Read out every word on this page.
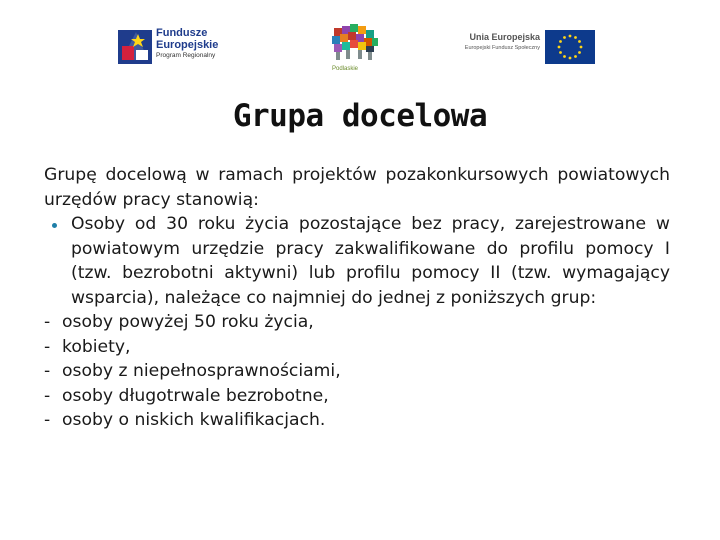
Fundusze
Europejskie
Program Regionalny
Podlaskie
Unia Europejska
Europejski Fundusz Społeczny
Grupa docelowa

Grupę docelową w ramach projektów pozakonkursowych powiatowych urzędów pracy stanowią:

Osoby od 30 roku życia pozostające bez pracy, zarejestrowane w powiatowym urzędzie pracy zakwalifikowane do profilu pomocy I (tzw. bezrobotni aktywni) lub profilu pomocy II (tzw. wymagający wsparcia), należące co najmniej do jednej z poniższych grup:
- osoby powyżej 50 roku życia,
- kobiety,
- osoby z niepełnosprawnościami,
- osoby długotrwale bezrobotne,
- osoby o niskich kwalifikacjach.
